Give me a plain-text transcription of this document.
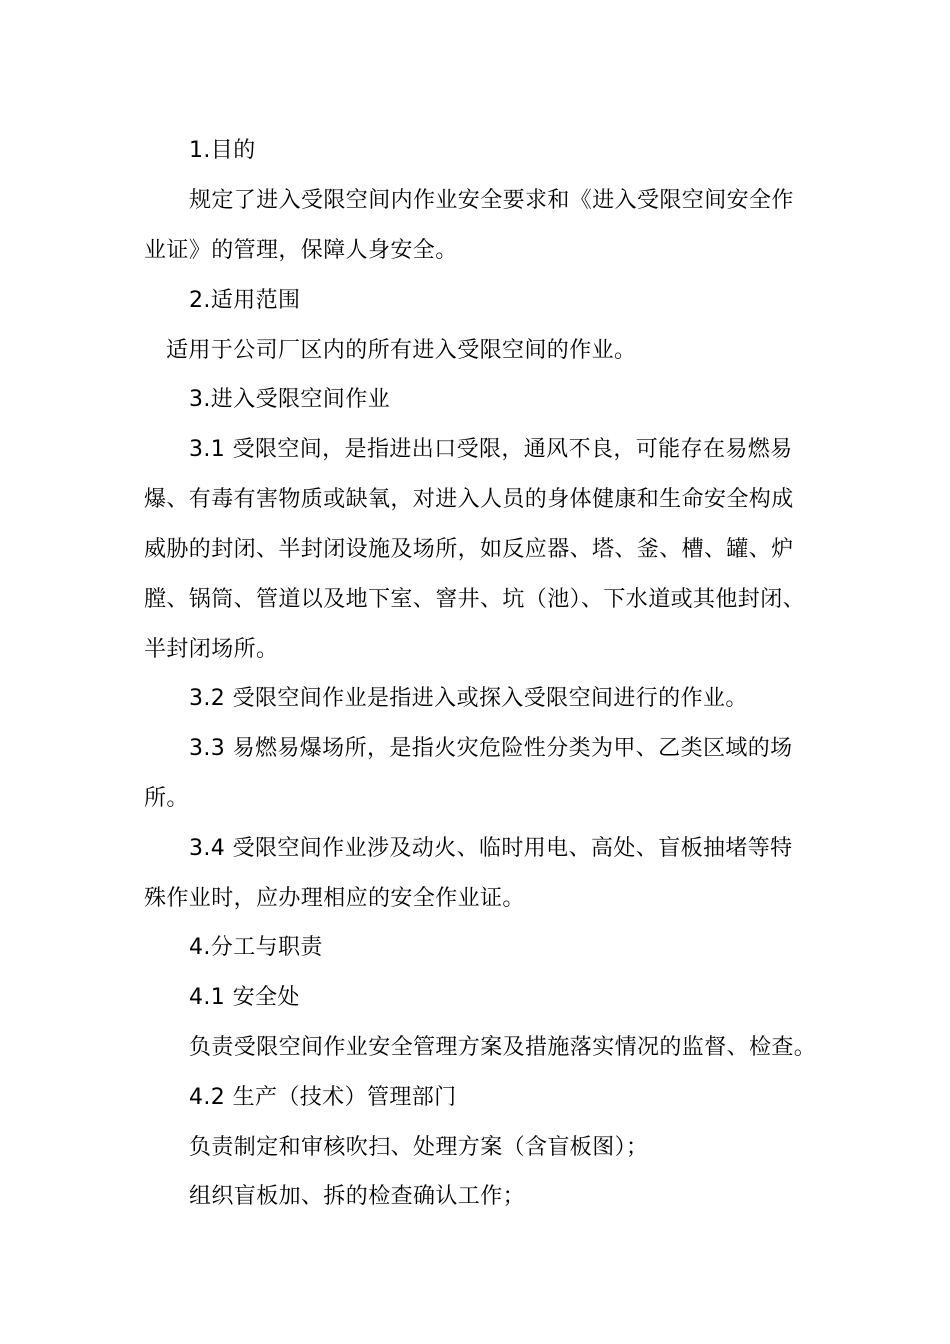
1.目的
规定了进入受限空间内作业安全要求和《进入受限空间安全作
业证》的管理，保障人身安全。
2.适用范围
适用于公司厂区内的所有进入受限空间的作业。
3.进入受限空间作业
3.1 受限空间，是指进出口受限，通风不良，可能存在易燃易
爆、有毒有害物质或缺氧，对进入人员的身体健康和生命安全构成
威胁的封闭、半封闭设施及场所，如反应器、塔、釜、槽、罐、炉
膛、锅筒、管道以及地下室、窨井、坑（池）、下水道或其他封闭、
半封闭场所。
3.2 受限空间作业是指进入或探入受限空间进行的作业。
3.3 易燃易爆场所，是指火灾危险性分类为甲、乙类区域的场
所。
3.4 受限空间作业涉及动火、临时用电、高处、盲板抽堵等特
殊作业时，应办理相应的安全作业证。
4.分工与职责
4.1 安全处
负责受限空间作业安全管理方案及措施落实情况的监督、检查。
4.2 生产（技术）管理部门
负责制定和审核吹扫、处理方案（含盲板图）；
组织盲板加、拆的检查确认工作；
